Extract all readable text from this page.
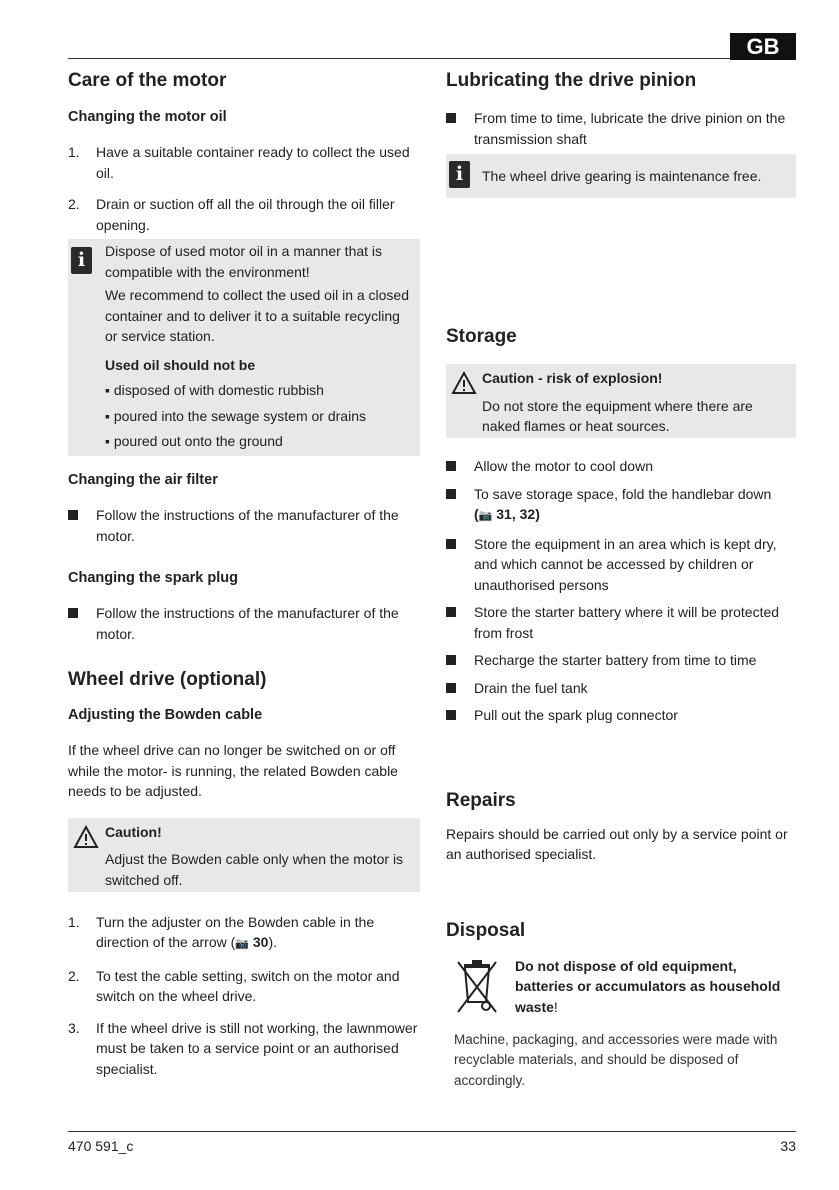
GB
Care of the motor
Changing the motor oil
1.	Have a suitable container ready to collect the used oil.
2.	Drain or suction off all the oil through the oil filler opening.
i	Dispose of used motor oil in a manner that is compatible with the environment!

We recommend to collect the used oil in a closed container and to deliver it to a suitable recycling or service station.

Used oil should not be

▪ disposed of with domestic rubbish

▪ poured into the sewage system or drains

▪ poured out onto the ground

Changing the air filter
Follow the instructions of the manufacturer of the motor.
Changing the spark plug
Follow the instructions of the manufacturer of the motor.
Wheel drive (optional)
Adjusting the Bowden cable

If the wheel drive can no longer be switched on or off while the motor- is running, the related Bowden cable needs to be adjusted.

Caution!

Adjust the Bowden cable only when the motor is switched off.

1.	Turn the adjuster on the Bowden cable in the direction of the arrow (📷 30).
2.	To test the cable setting, switch on the motor and switch on the wheel drive.
3.	If the wheel drive is still not working, the lawnmower must be taken to a service point or an authorised specialist.
Lubricating the drive pinion
From time to time, lubricate the drive pinion on the transmission shaft
i	The wheel drive gearing is maintenance free.

Storage

Caution - risk of explosion!

Do not store the equipment where there are naked flames or heat sources.

Allow the motor to cool down
To save storage space, fold the handlebar down
(📷 31, 32)
Store the equipment in an area which is kept dry, and which cannot be accessed by children or unauthorised persons
Store the starter battery where it will be protected from frost
Recharge the starter battery from time to time
Drain the fuel tank
Pull out the spark plug connector
Repairs

Repairs should be carried out only by a service point or an authorised specialist.

Disposal

Do not dispose of old equipment, batteries or accumulators as household waste!

Machine, packaging, and accessories were made with recyclable materials, and should be disposed of accordingly.

470 591_c	33
